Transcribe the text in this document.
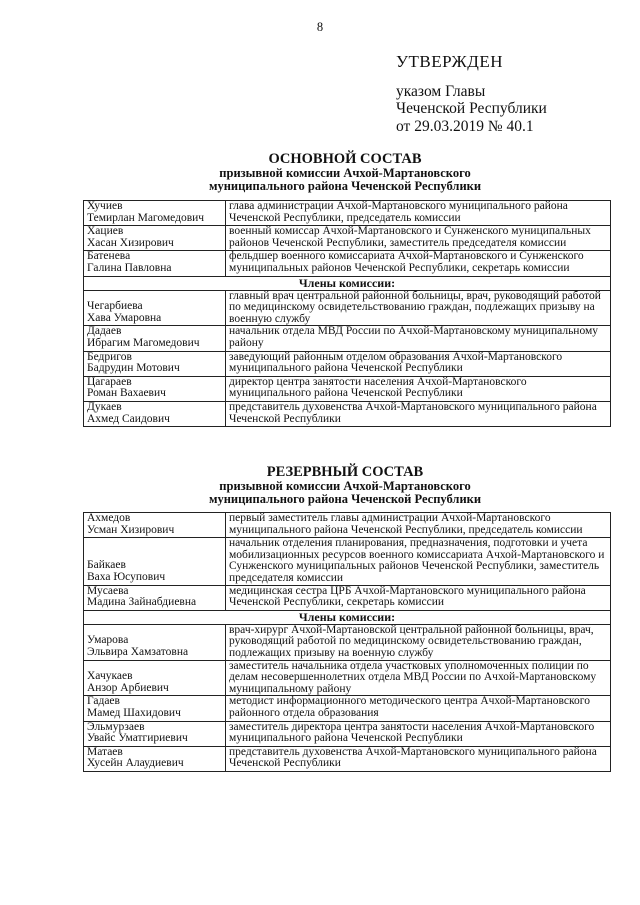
8
УТВЕРЖДЕН
указом Главы
Чеченской Республики
от 29.03.2019 № 40.1
ОСНОВНОЙ СОСТАВ
призывной комиссии Ачхой-Мартановского
муниципального района Чеченской Республики
Хучиев
Темирлан Магомедович	глава администрации Ачхой-Мартановского муниципального района Чеченской Республики, председатель комиссии

Хациев
Хасан Хизирович	военный комиссар Ачхой-Мартановского и Сунженского муниципальных районов Чеченской Республики, заместитель председателя комиссии

Батенева
Галина Павловна	фельдшер военного комиссариата Ачхой-Мартановского и Сунженского муниципальных районов Чеченской Республики, секретарь комиссии
Члены комиссии:	

Чегарбиева
Хава Умаровна	главный врач центральной районной больницы, врач, руководящий работой по медицинскому освидетельствованию граждан, подлежащих призыву на военную службу

Дадаев
Ибрагим Магомедович	начальник отдела МВД России по Ачхой-Мартановскому муниципальному району

Бедригов
Бадрудин Мотович	заведующий районным отделом образования Ачхой-Мартановского муниципального района Чеченской Республики

Цагараев
Роман Вахаевич	директор центра занятости населения Ачхой-Мартановского муниципального района Чеченской Республики

Дукаев
Ахмед Саидович	представитель духовенства Ачхой-Мартановского муниципального района Чеченской Республики
РЕЗЕРВНЫЙ СОСТАВ
призывной комиссии Ачхой-Мартановского
муниципального района Чеченской Республики
Ахмедов
Усман Хизирович	первый заместитель главы администрации Ачхой-Мартановского муниципального района Чеченской Республики, председатель комиссии

Байкаев
Ваха Юсупович	начальник отделения планирования, предназначения, подготовки и учета мобилизационных ресурсов военного комиссариата Ачхой-Мартановского и Сунженского муниципальных районов Чеченской Республики, заместитель председателя комиссии

Мусаева
Мадина Зайнабдиевна	медицинская сестра ЦРБ Ачхой-Мартановского муниципального района Чеченской Республики, секретарь комиссии
Члены комиссии:	

Умарова
Эльвира Хамзатовна	врач-хирург Ачхой-Мартановской центральной районной больницы, врач, руководящий работой по медицинскому освидетельствованию граждан, подлежащих призыву на военную службу

Хачукаев
Анзор Арбиевич	заместитель начальника отдела участковых уполномоченных полиции по делам несовершеннолетних отдела МВД России по Ачхой-Мартановскому муниципальному району

Гадаев
Мамед Шахидович	методист информационного методического центра Ачхой-Мартановского районного отдела образования

Эльмурзаев
Увайс Уматгириевич	заместитель директора центра занятости населения Ачхой-Мартановского муниципального района Чеченской Республики

Матаев
Хусейн Алаудиевич	представитель духовенства Ачхой-Мартановского муниципального района Чеченской Республики
